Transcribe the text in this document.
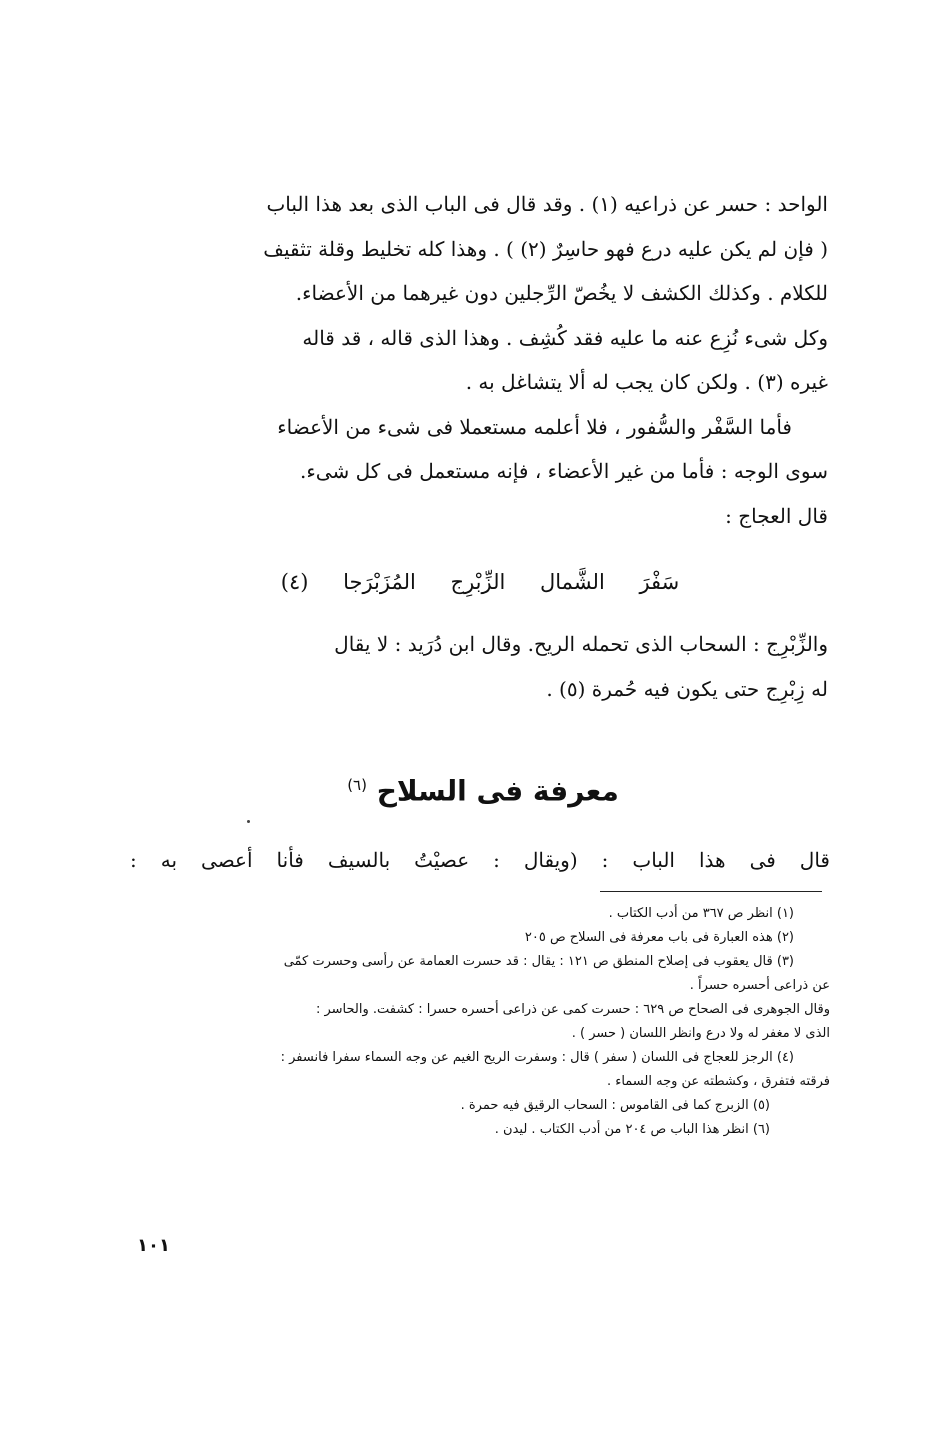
الواحد : حسر عن ذراعيه (١) . وقد قال فى الباب الذى بعد هذا الباب

( فإن لم يكن عليه درع فهو حاسِرٌ (٢) ) . وهذا كله تخليط وقلة تثقيف

للكلام . وكذلك الكشف لا يخُصّ الرِّجلين دون غيرهما من الأعضاء.

وكل شىء نُزِع عنه ما عليه فقد كُشِف . وهذا الذى قاله ، قد قاله

غيره (٣) . ولكن كان يجب له ألا يتشاغل به .

فأما السَّفْر والسُّفور ، فلا أعلمه مستعملا فى شىء من الأعضاء

سوى الوجه : فأما من غير الأعضاء ، فإنه مستعمل فى كل شىء.

قال العجاج :

سَفْرَ الشَّمال الزِّبْرِج المُزَبْرَجا (٤)

والزِّبْرِج : السحاب الذى تحمله الريح. وقال ابن دُرَيد : لا يقال

له زِبْرِج حتى يكون فيه حُمرة (٥) .

معرفة فى السلاح $^{(٦)}$
قال فى هذا الباب : (ويقال : عصيْتُ بالسيف فأنا أعصى به :

(١) انظر ص ٣٦٧ من أدب الكتاب .

(٢) هذه العبارة فى باب معرفة فى السلاح ص ٢٠٥

(٣) قال يعقوب فى إصلاح المنطق ص ١٢١ : يقال : قد حسرت العمامة عن رأسى وحسرت كمّى

عن ذراعى أحسره حسراً .

وقال الجوهرى فى الصحاح ص ٦٢٩ : حسرت كمى عن ذراعى أحسره حسرا : كشفت. والحاسر :

الذى لا مغفر له ولا درع وانظر اللسان ( حسر ) .

(٤) الرجز للعجاج فى اللسان ( سفر ) قال : وسفرت الريح الغيم عن وجه السماء سفرا فانسفر :

فرقته فتفرق ، وكشطته عن وجه السماء .

(٥) الزبرج كما فى القاموس : السحاب الرقيق فيه حمرة .

(٦) انظر هذا الباب ص ٢٠٤ من أدب الكتاب . ليدن .

١٠١
